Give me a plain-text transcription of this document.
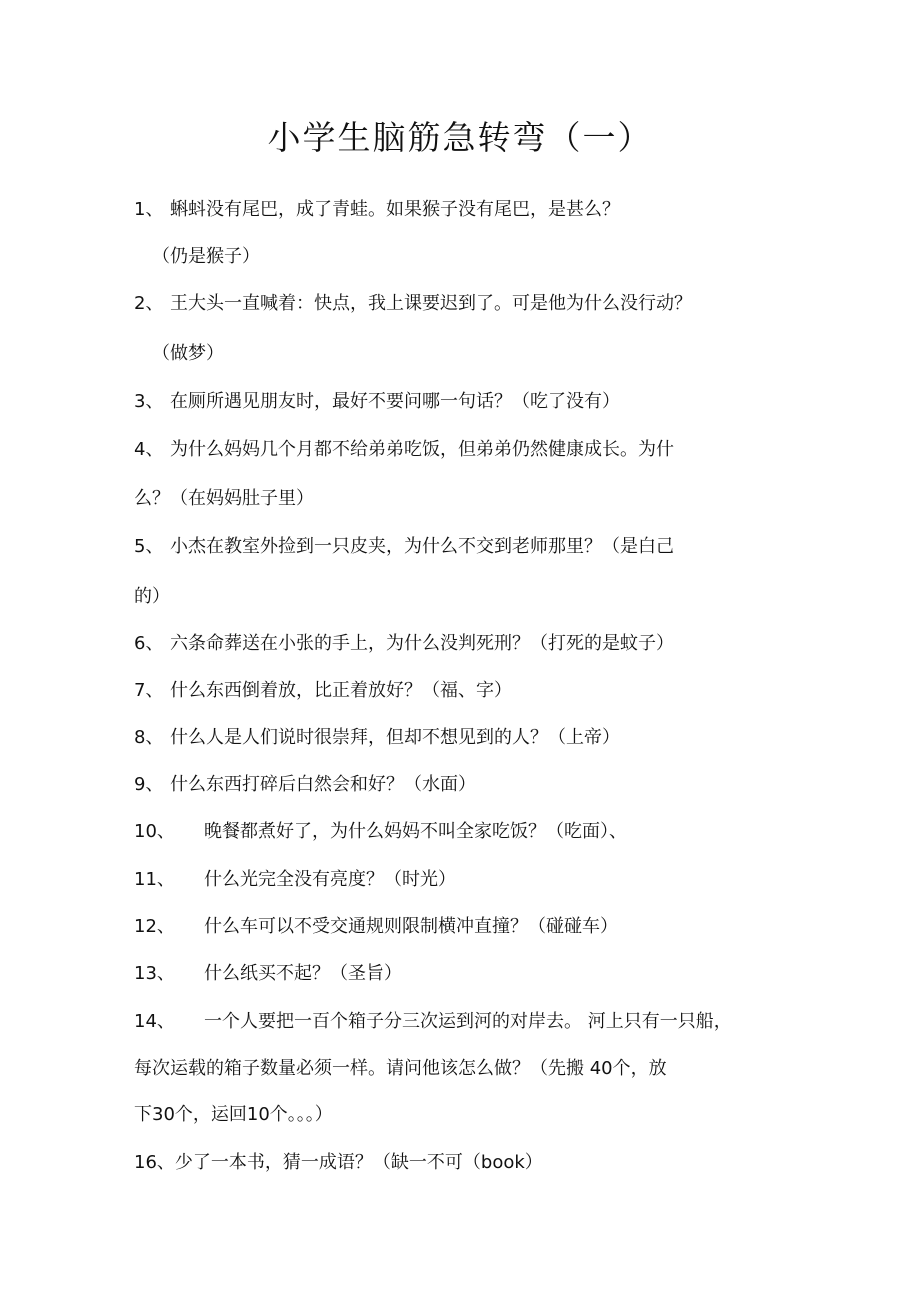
小学生脑筋急转弯（一）
1、 蝌蚪没有尾巴，成了青蛙。如果猴子没有尾巴，是甚么？
（仍是猴子）
2、 王大头一直喊着：快点，我上课要迟到了。可是他为什么没行动？
（做梦）
3、 在厕所遇见朋友时，最好不要问哪一句话？（吃了没有）
4、 为什么妈妈几个月都不给弟弟吃饭，但弟弟仍然健康成长。为什
么？（在妈妈肚子里）
5、 小杰在教室外捡到一只皮夹，为什么不交到老师那里？（是白己
的）
6、 六条命葬送在小张的手上，为什么没判死刑？（打死的是蚊子）
7、 什么东西倒着放，比正着放好？（福、字）
8、 什么人是人们说时很崇拜，但却不想见到的人？（上帝）
9、 什么东西打碎后白然会和好？（水面）
10、 晚餐都煮好了，为什么妈妈不叫全家吃饭？（吃面）、
11、 什么光完全没有亮度？（时光）
12、 什么车可以不受交通规则限制横冲直撞？（碰碰车）
13、 什么纸买不起？（圣旨）
14、 一个人要把一百个箱子分三次运到河的对岸去。 河上只有一只船，
每次运载的箱子数量必须一样。请问他该怎么做？（先搬 40个，放
下30个，运回10个。。。）
16、少了一本书，猜一成语？（缺一不可（book）
